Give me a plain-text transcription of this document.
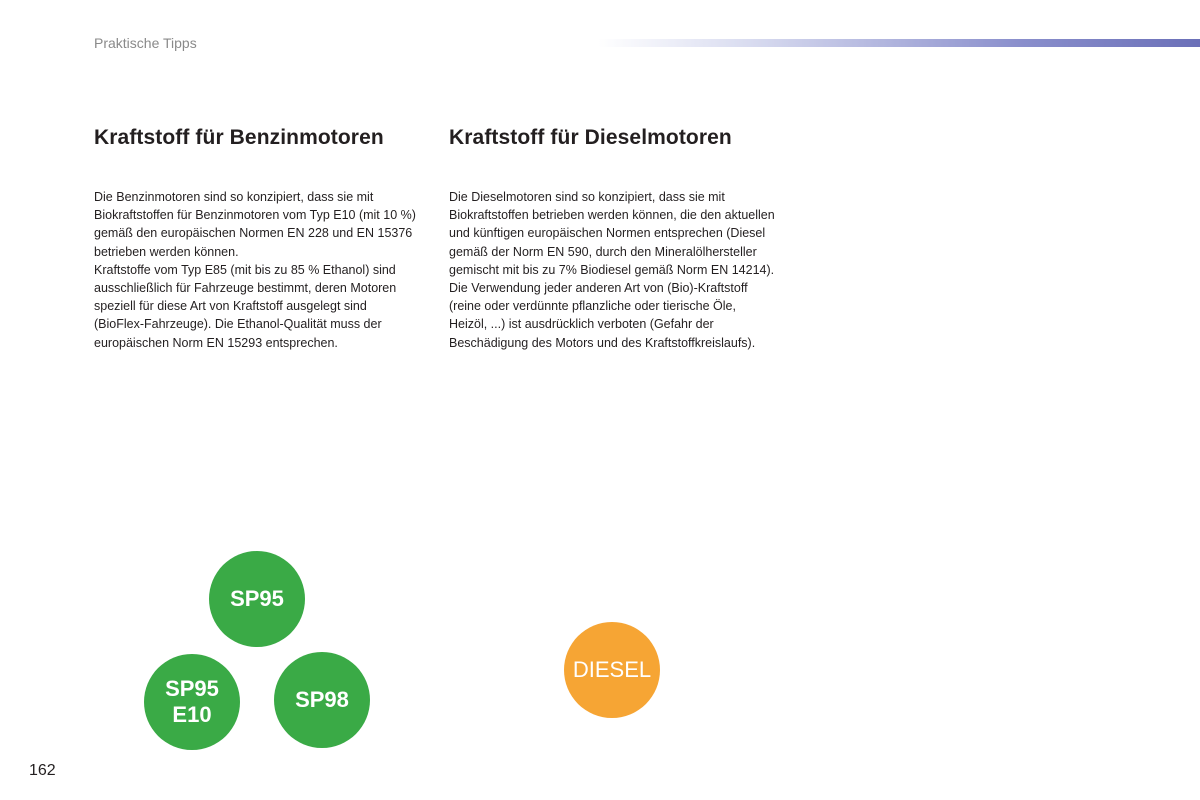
Praktische Tipps
Kraftstoff für Benzinmotoren

Die Benzinmotoren sind so konzipiert, dass sie mit Biokraftstoffen für Benzinmotoren vom Typ E10 (mit 10 %) gemäß den europäischen Normen EN 228 und EN 15376 betrieben werden können.

Kraftstoffe vom Typ E85 (mit bis zu 85 % Ethanol) sind ausschließlich für Fahrzeuge bestimmt, deren Motoren speziell für diese Art von Kraftstoff ausgelegt sind (BioFlex-Fahrzeuge). Die Ethanol-Qualität muss der europäischen Norm EN 15293 entsprechen.

Kraftstoff für Dieselmotoren

Die Dieselmotoren sind so konzipiert, dass sie mit Biokraftstoffen betrieben werden können, die den aktuellen und künftigen europäischen Normen entsprechen (Diesel gemäß der Norm EN 590, durch den Mineralölhersteller gemischt mit bis zu 7% Biodiesel gemäß Norm EN 14214).

Die Verwendung jeder anderen Art von (Bio)-Kraftstoff (reine oder verdünnte pflanzliche oder tierische Öle, Heizöl, ...) ist ausdrücklich verboten (Gefahr der Beschädigung des Motors und des Kraftstoffkreislaufs).

SP95
SP95
E10
SP98
DIESEL
162
